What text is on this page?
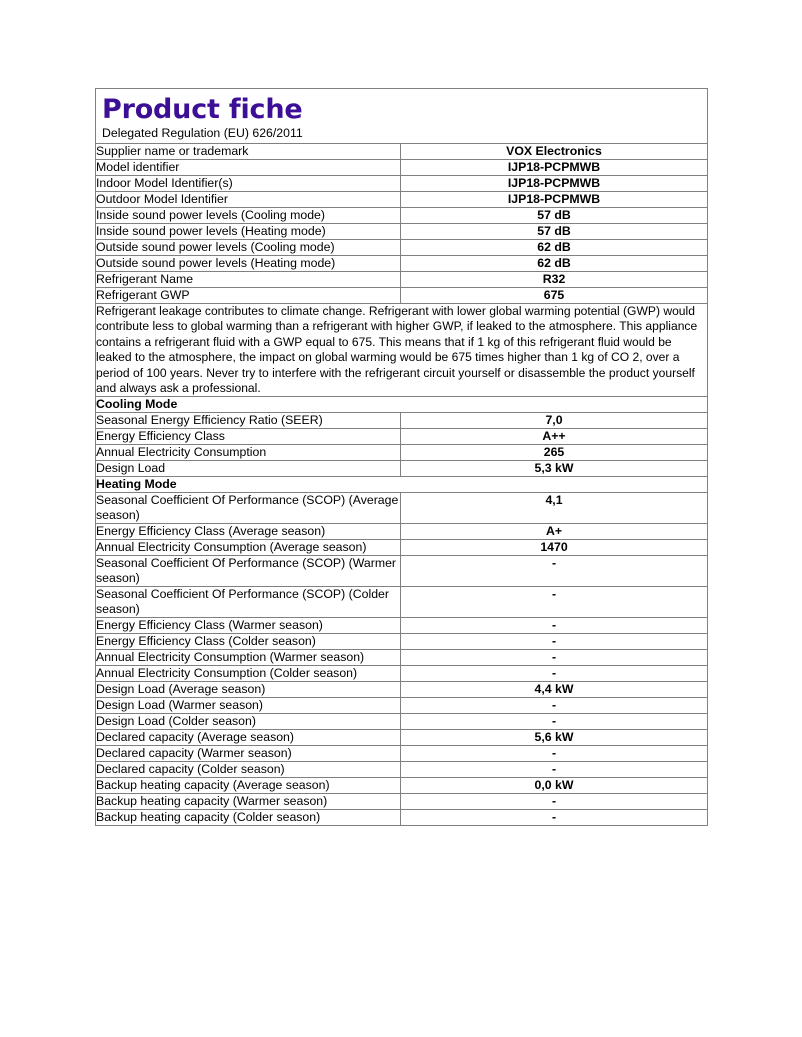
Product fiche	

Delegated Regulation (EU) 626/2011	

Supplier name or trademark	VOX Electronics
Model identifier	IJP18-PCPMWB
Indoor Model Identifier(s)	IJP18-PCPMWB
Outdoor Model Identifier	IJP18-PCPMWB
Inside sound power levels (Cooling mode)	57 dB
Inside sound power levels (Heating mode)	57 dB
Outside sound power levels (Cooling mode)	62 dB
Outside sound power levels (Heating mode)	62 dB
Refrigerant Name	R32
Refrigerant GWP	675

Refrigerant leakage contributes to climate change. Refrigerant with lower global warming potential (GWP) would contribute less to global warming than a refrigerant with higher GWP, if leaked to the atmosphere. This appliance contains a refrigerant fluid with a GWP equal to 675. This means that if 1 kg of this refrigerant fluid would be leaked to the atmosphere, the impact on global warming would be 675 times higher than 1 kg of CO 2, over a period of 100 years. Never try to interfere with the refrigerant circuit yourself or disassemble the product yourself and always ask a professional.	

Cooling Mode	
Seasonal Energy Efficiency Ratio (SEER)	7,0
Energy Efficiency Class	A++
Annual Electricity Consumption	265
Design Load	5,3 kW
Heating Mode	
Seasonal Coefficient Of Performance (SCOP) (Average season)	4,1
Energy Efficiency Class (Average season)	A+
Annual Electricity Consumption (Average season)	1470
Seasonal Coefficient Of Performance (SCOP) (Warmer season)	-
Seasonal Coefficient Of Performance (SCOP) (Colder season)	-
Energy Efficiency Class (Warmer season)	-
Energy Efficiency Class (Colder season)	-
Annual Electricity Consumption (Warmer season)	-
Annual Electricity Consumption (Colder season)	-
Design Load (Average season)	4,4 kW
Design Load (Warmer season)	-
Design Load (Colder season)	-
Declared capacity (Average season)	5,6 kW
Declared capacity (Warmer season)	-
Declared capacity (Colder season)	-
Backup heating capacity (Average season)	0,0 kW
Backup heating capacity (Warmer season)	-
Backup heating capacity (Colder season)	-
